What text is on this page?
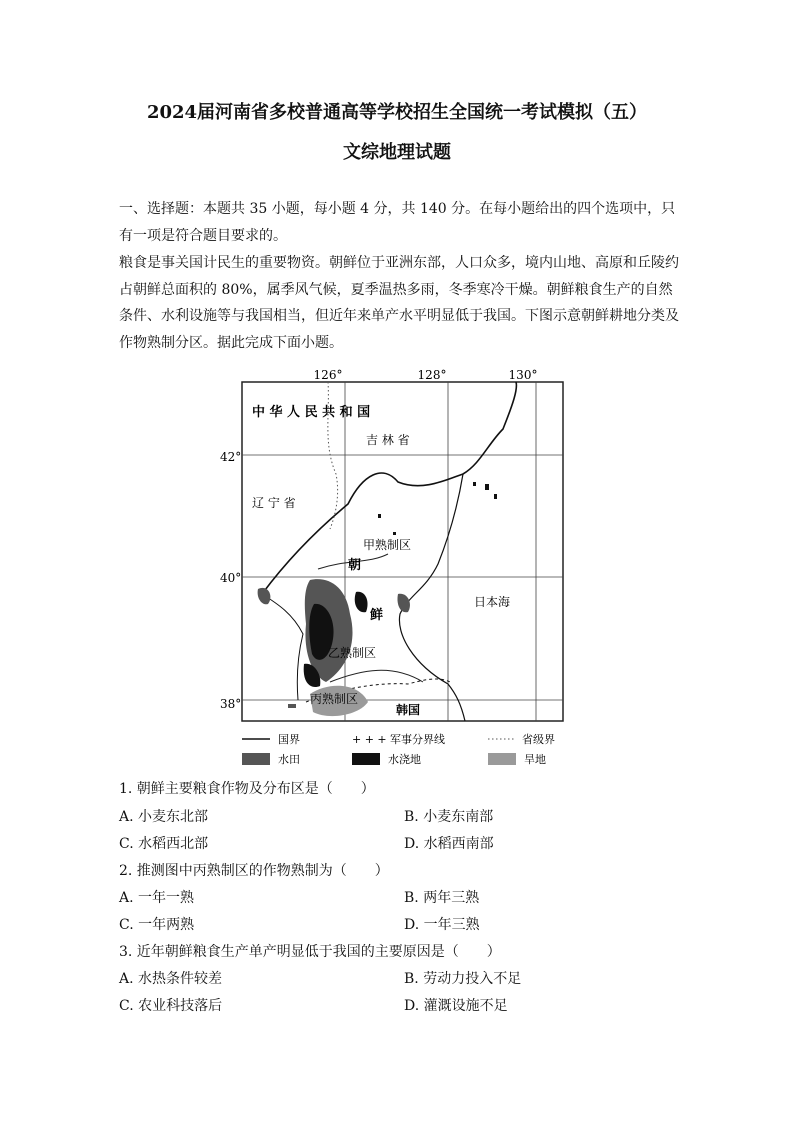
2024届河南省多校普通高等学校招生全国统一考试模拟（五）
文综地理试题
一、选择题：本题共 35 小题，每小题 4 分，共 140 分。在每小题给出的四个选项中，只有一项是符合题目要求的。
粮食是事关国计民生的重要物资。朝鲜位于亚洲东部，人口众多，境内山地、高原和丘陵约占朝鲜总面积的 80%，属季风气候，夏季温热多雨，冬季寒冷干燥。朝鲜粮食生产的自然条件、水利设施等与我国相当，但近年来单产水平明显低于我国。下图示意朝鲜耕地分类及作物熟制分区。据此完成下面小题。
126°	128°	130°
42°
40°
38°
中 华 人 民 共 和 国
吉 林 省
辽 宁 省
甲熟制区
朝
鲜
乙熟制区
丙熟制区
韩国
日本海
国界	+ + + 军事分界线	省级界
水田	水浇地	旱地
1. 朝鲜主要粮食作物及分布区是（　　）
A. 小麦东北部	B. 小麦东南部
C. 水稻西北部	D. 水稻西南部
2. 推测图中丙熟制区的作物熟制为（　　）
A. 一年一熟	B. 两年三熟
C. 一年两熟	D. 一年三熟
3. 近年朝鲜粮食生产单产明显低于我国的主要原因是（　　）
A. 水热条件较差	B. 劳动力投入不足
C. 农业科技落后	D. 灌溉设施不足
